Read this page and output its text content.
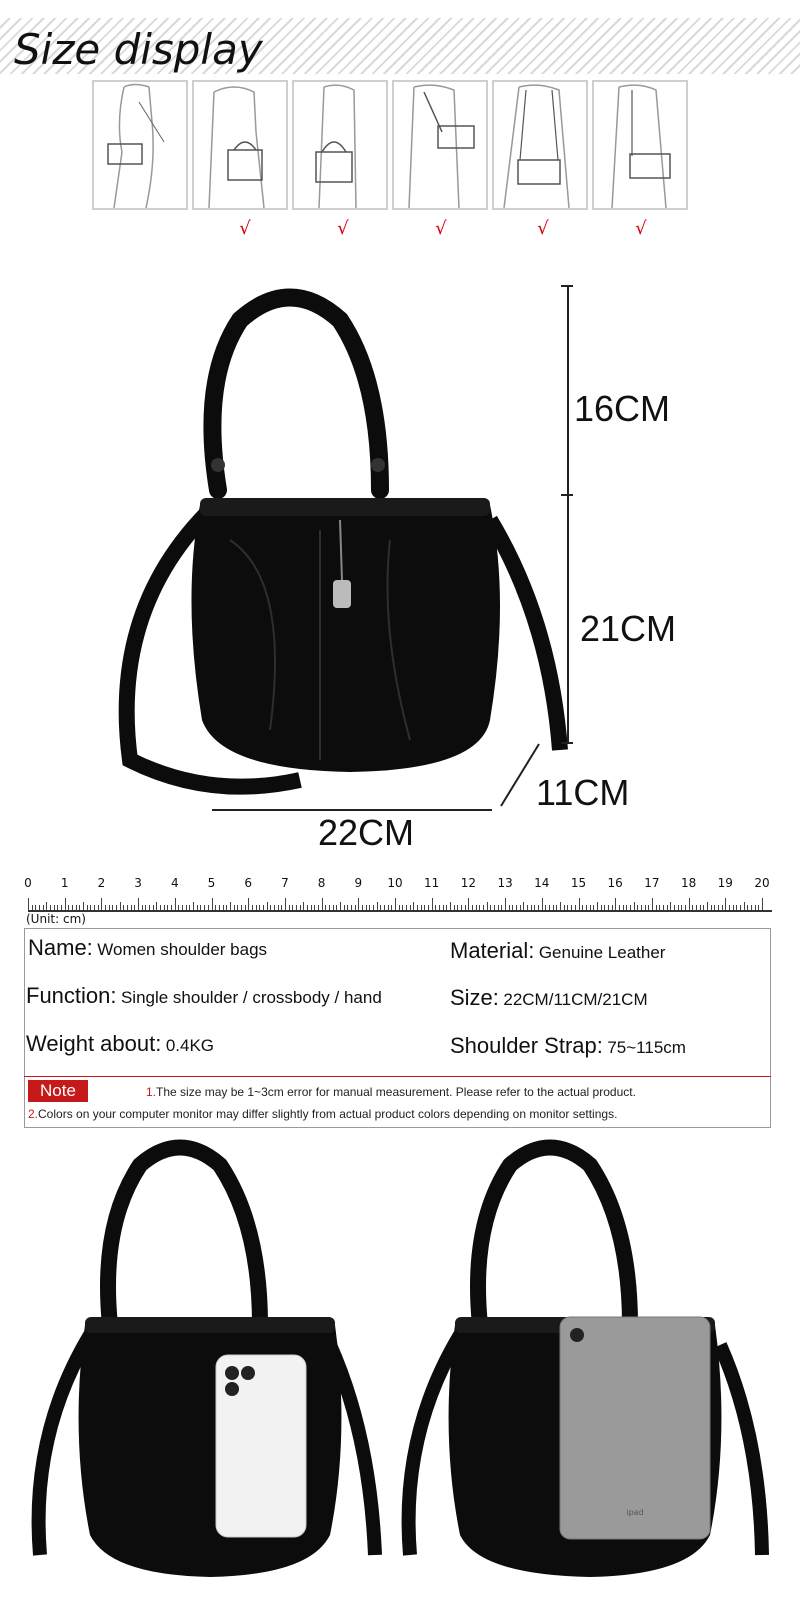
Size display
√	√	√	√	√
16CM
21CM
11CM
22CM
0	1	2	3	4	5	6	7	8	9	10	11	12	13	14	15	16	17	18	19	20
(Unit: cm)
Name: Women shoulder bags	Material: Genuine Leather
Function: Single shoulder / crossbody / hand	Size: 22CM/11CM/21CM
Weight about: 0.4KG	Shoulder Strap: 75~115cm
Note	1.The size may be 1~3cm error for manual measurement. Please refer to the actual product.
2.Colors on your computer monitor may differ slightly from actual product colors depending on monitor settings.
ipad
